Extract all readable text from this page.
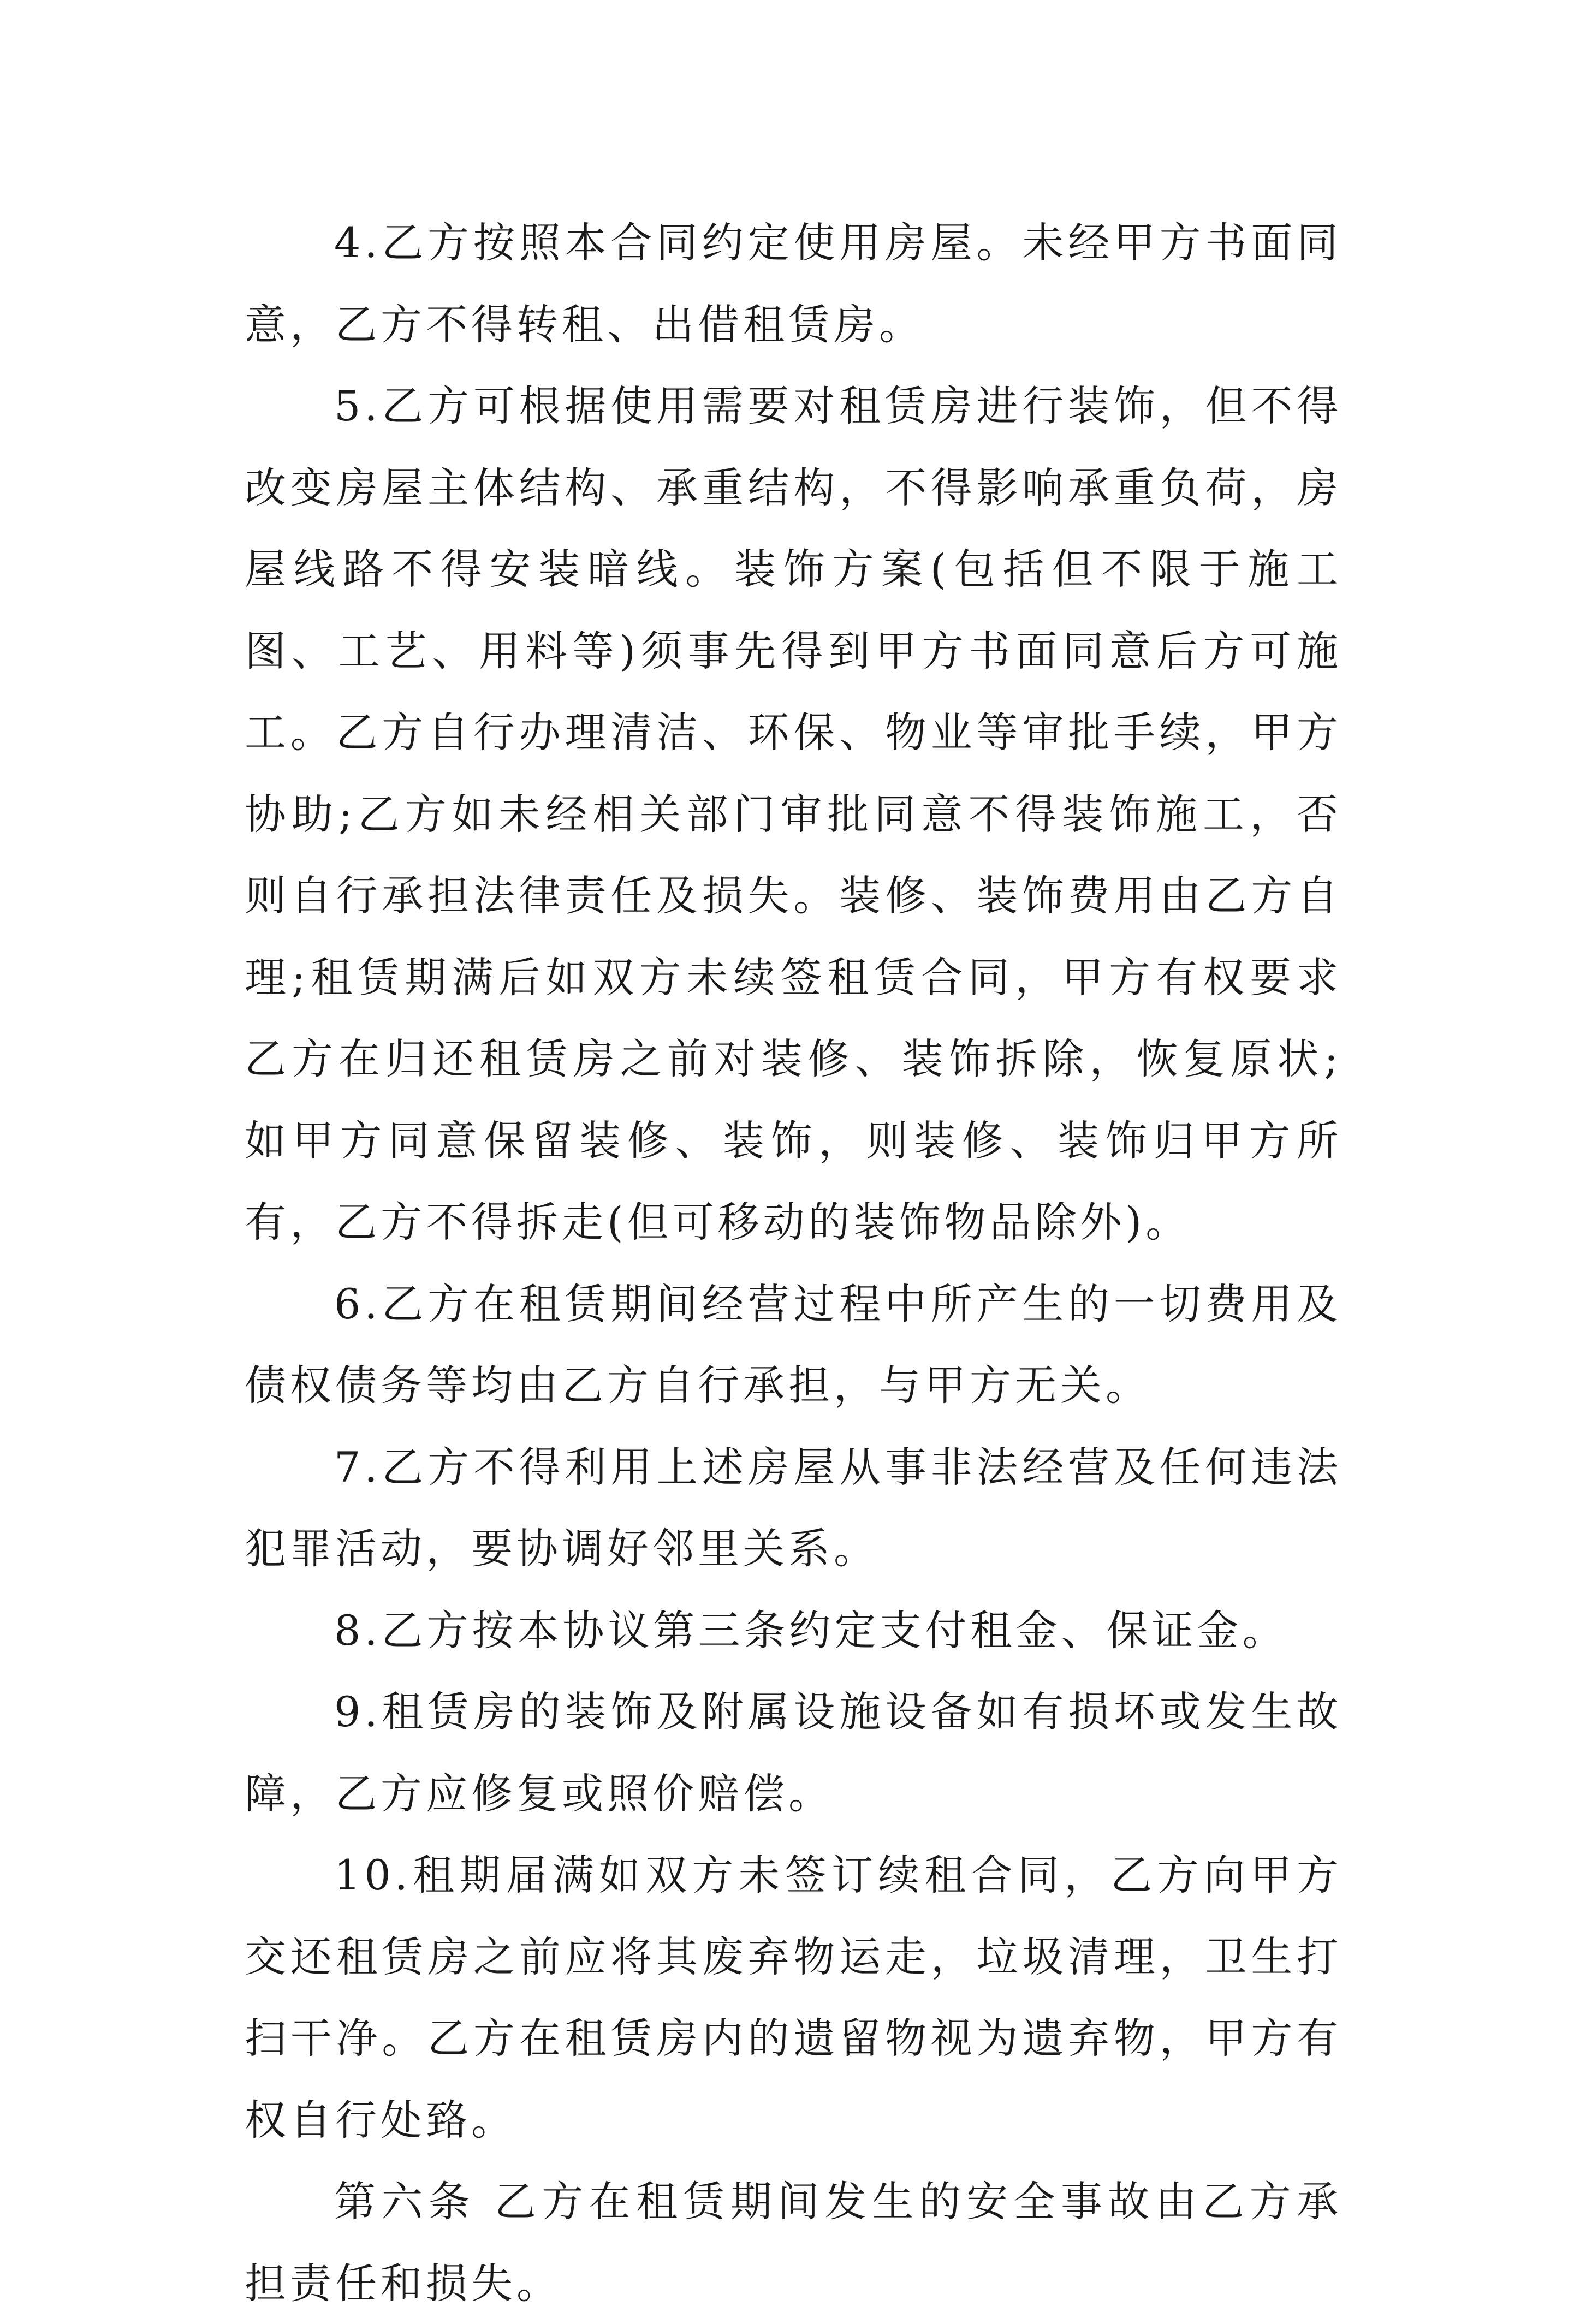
4.乙方按照本合同约定使用房屋。未经甲方书面同意，乙方不得转租、出借租赁房。

5.乙方可根据使用需要对租赁房进行装饰，但不得改变房屋主体结构、承重结构，不得影响承重负荷，房屋线路不得安装暗线。装饰方案(包括但不限于施工图、工艺、用料等)须事先得到甲方书面同意后方可施工。乙方自行办理清洁、环保、物业等审批手续，甲方协助;乙方如未经相关部门审批同意不得装饰施工，否则自行承担法律责任及损失。装修、装饰费用由乙方自理;租赁期满后如双方未续签租赁合同，甲方有权要求乙方在归还租赁房之前对装修、装饰拆除，恢复原状;如甲方同意保留装修、装饰，则装修、装饰归甲方所有，乙方不得拆走(但可移动的装饰物品除外)。

6.乙方在租赁期间经营过程中所产生的一切费用及债权债务等均由乙方自行承担，与甲方无关。

7.乙方不得利用上述房屋从事非法经营及任何违法犯罪活动，要协调好邻里关系。

8.乙方按本协议第三条约定支付租金、保证金。

9.租赁房的装饰及附属设施设备如有损坏或发生故障，乙方应修复或照价赔偿。

10.租期届满如双方未签订续租合同，乙方向甲方交还租赁房之前应将其废弃物运走，垃圾清理，卫生打扫干净。乙方在租赁房内的遗留物视为遗弃物，甲方有权自行处臵。

第六条 乙方在租赁期间发生的安全事故由乙方承担责任和损失。
